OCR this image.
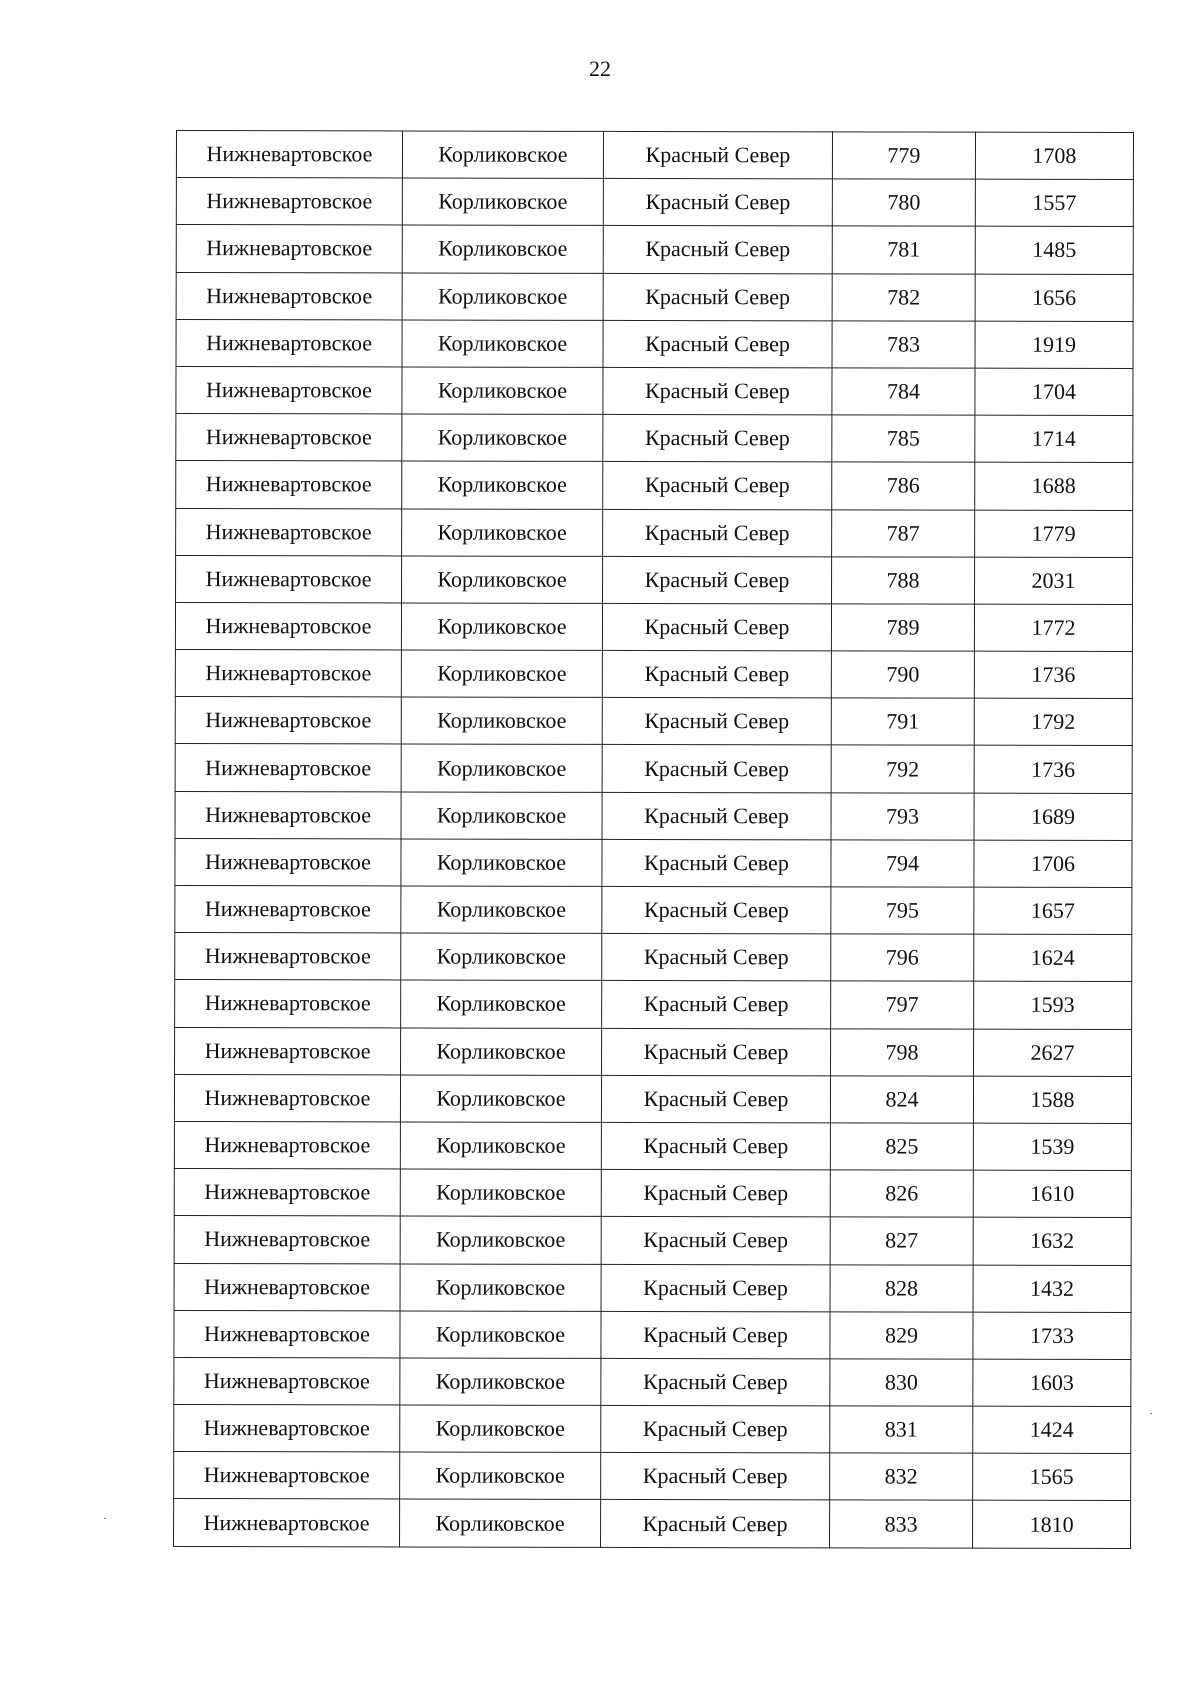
22
Нижневартовское	Корликовское	Красный Север	779	1708
Нижневартовское	Корликовское	Красный Север	780	1557
Нижневартовское	Корликовское	Красный Север	781	1485
Нижневартовское	Корликовское	Красный Север	782	1656
Нижневартовское	Корликовское	Красный Север	783	1919
Нижневартовское	Корликовское	Красный Север	784	1704
Нижневартовское	Корликовское	Красный Север	785	1714
Нижневартовское	Корликовское	Красный Север	786	1688
Нижневартовское	Корликовское	Красный Север	787	1779
Нижневартовское	Корликовское	Красный Север	788	2031
Нижневартовское	Корликовское	Красный Север	789	1772
Нижневартовское	Корликовское	Красный Север	790	1736
Нижневартовское	Корликовское	Красный Север	791	1792
Нижневартовское	Корликовское	Красный Север	792	1736
Нижневартовское	Корликовское	Красный Север	793	1689
Нижневартовское	Корликовское	Красный Север	794	1706
Нижневартовское	Корликовское	Красный Север	795	1657
Нижневартовское	Корликовское	Красный Север	796	1624
Нижневартовское	Корликовское	Красный Север	797	1593
Нижневартовское	Корликовское	Красный Север	798	2627
Нижневартовское	Корликовское	Красный Север	824	1588
Нижневартовское	Корликовское	Красный Север	825	1539
Нижневартовское	Корликовское	Красный Север	826	1610
Нижневартовское	Корликовское	Красный Север	827	1632
Нижневартовское	Корликовское	Красный Север	828	1432
Нижневартовское	Корликовское	Красный Север	829	1733
Нижневартовское	Корликовское	Красный Север	830	1603
Нижневартовское	Корликовское	Красный Север	831	1424
Нижневартовское	Корликовское	Красный Север	832	1565
Нижневартовское	Корликовское	Красный Север	833	1810
